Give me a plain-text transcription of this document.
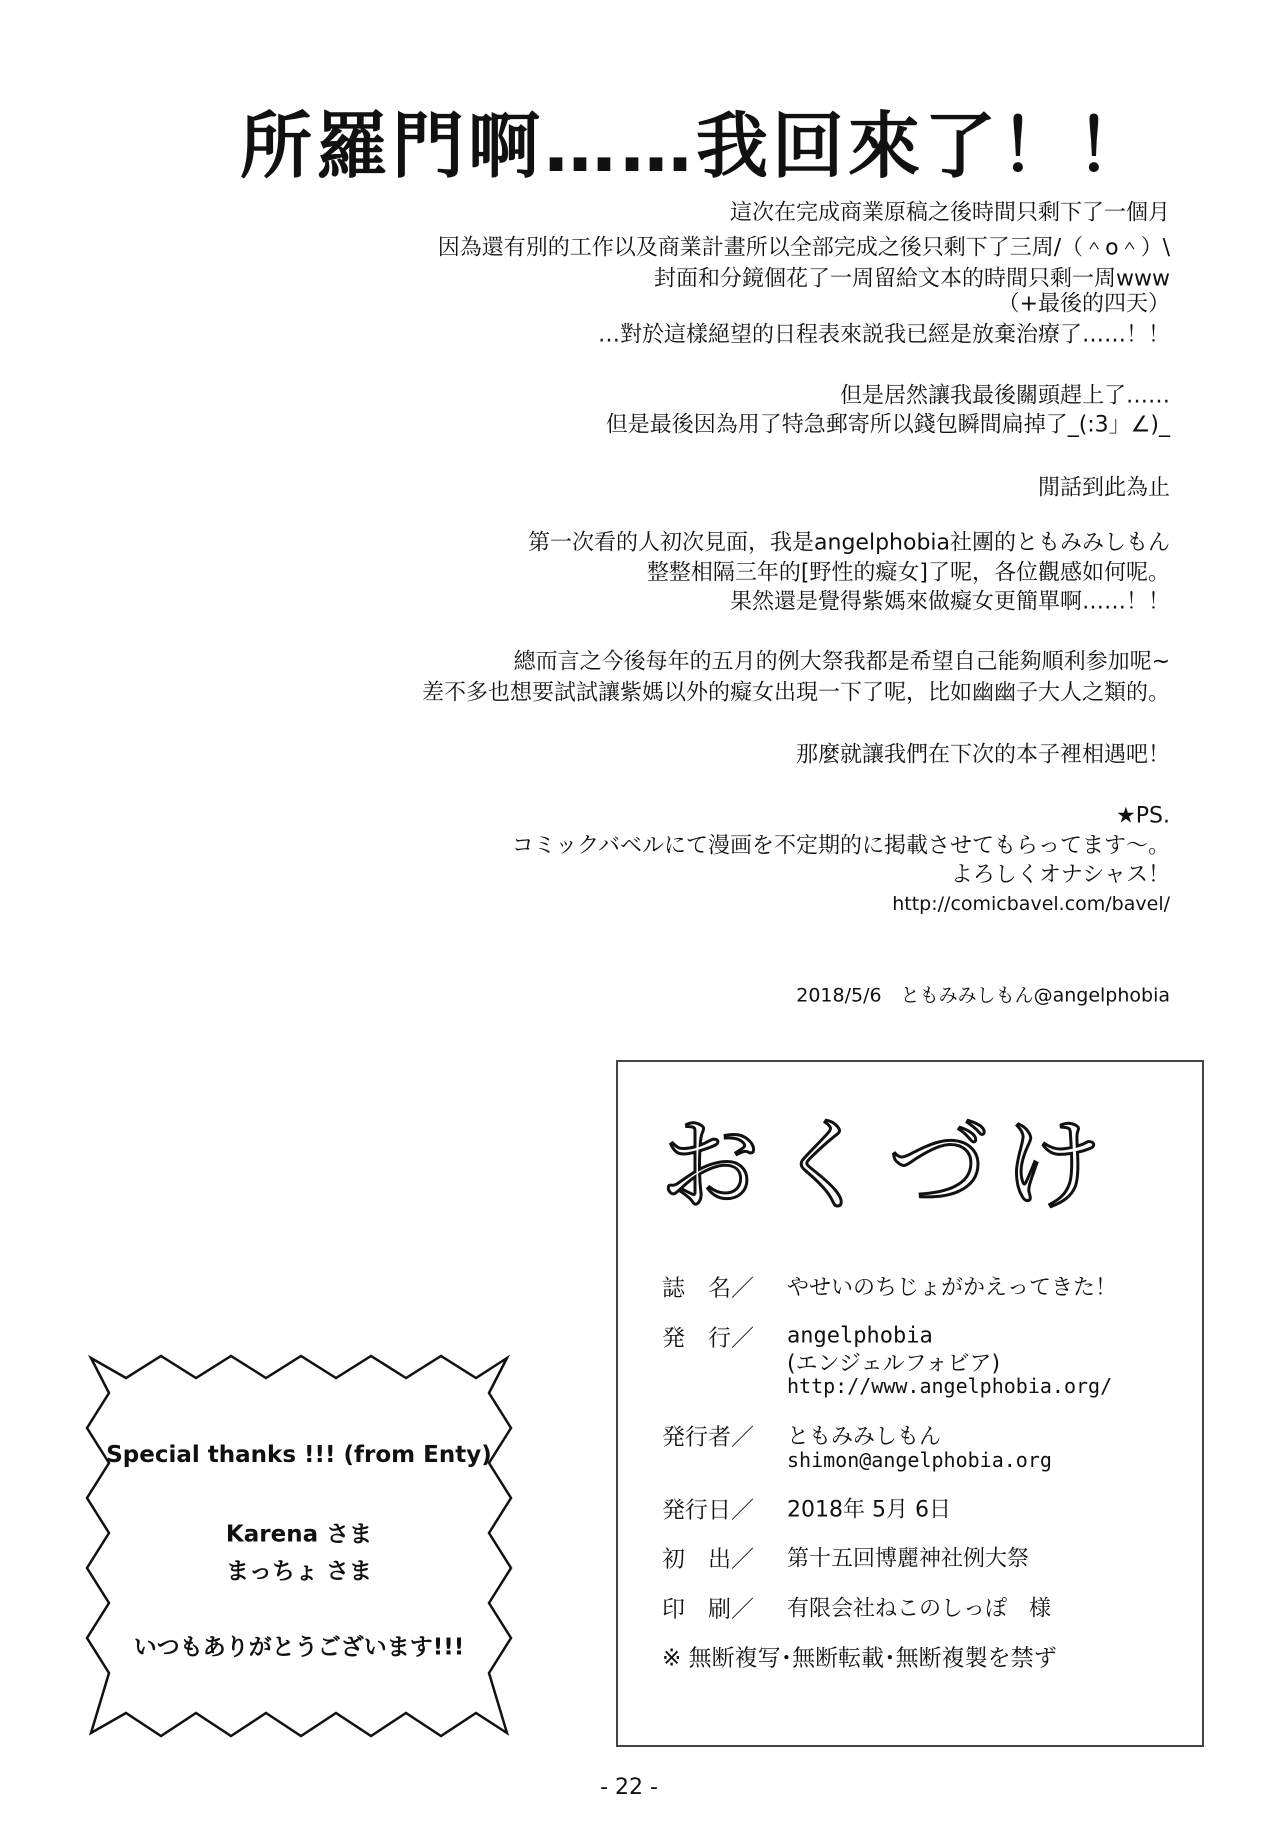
所羅門啊……我回來了！！
這次在完成商業原稿之後時間只剩下了一個月
因為還有別的工作以及商業計畫所以全部完成之後只剩下了三周/（＾o＾）\
封面和分鏡個花了一周留給文本的時間只剩一周www
（+最後的四天）
…對於這樣絕望的日程表來説我已經是放棄治療了……！！
但是居然讓我最後關頭趕上了……
但是最後因為用了特急郵寄所以錢包瞬間扁掉了_(:3」∠)_
閒話到此為止
第一次看的人初次見面，我是angelphobia社團的ともみみしもん
整整相隔三年的[野性的癡女]了呢，各位觀感如何呢。
果然還是覺得紫媽來做癡女更簡單啊……！！
總而言之今後每年的五月的例大祭我都是希望自己能夠順利参加呢~
差不多也想要試試讓紫媽以外的癡女出現一下了呢，比如幽幽子大人之類的。
那麼就讓我們在下次的本子裡相遇吧！
★PS.
コミックバベルにて漫画を不定期的に掲載させてもらってます～。
よろしくオナシャス！
http://comicbavel.com/bavel/
2018/5/6　ともみみしもん@angelphobia
おくづけ
誌　名／ やせいのちじょがかえってきた！
発　行／ angelphobia
(エンジェルフォビア)
http://www.angelphobia.org/
発行者／ ともみみしもん
shimon@angelphobia.org
発行日／ 2018年 5月 6日
初　出／ 第十五回博麗神社例大祭
印　刷／ 有限会社ねこのしっぽ　様
※ 無断複写･無断転載･無断複製を禁ず
Special thanks !!! (from Enty)
Karena さま
まっちょ さま
いつもありがとうございます!!!
- 22 -
